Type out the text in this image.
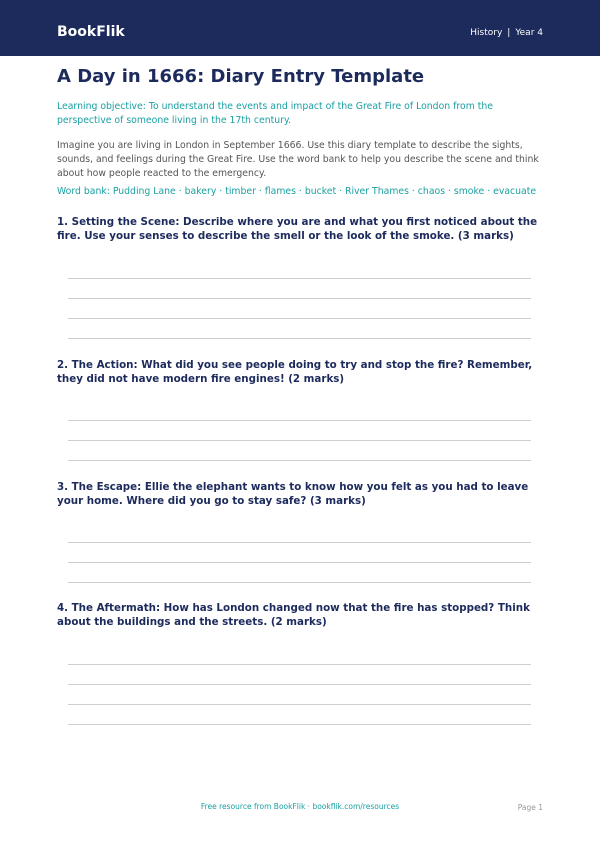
BookFlik	History | Year 4
A Day in 1666: Diary Entry Template
Learning objective: To understand the events and impact of the Great Fire of London from the perspective of someone living in the 17th century.
Imagine you are living in London in September 1666. Use this diary template to describe the sights, sounds, and feelings during the Great Fire. Use the word bank to help you describe the scene and think about how people reacted to the emergency.
Word bank: Pudding Lane · bakery · timber · flames · bucket · River Thames · chaos · smoke · evacuate
1. Setting the Scene: Describe where you are and what you first noticed about the fire. Use your senses to describe the smell or the look of the smoke. (3 marks)
2. The Action: What did you see people doing to try and stop the fire? Remember, they did not have modern fire engines! (2 marks)
3. The Escape: Ellie the elephant wants to know how you felt as you had to leave your home. Where did you go to stay safe? (3 marks)
4. The Aftermath: How has London changed now that the fire has stopped? Think about the buildings and the streets. (2 marks)
Free resource from BookFlik · bookflik.com/resources	Page 1
